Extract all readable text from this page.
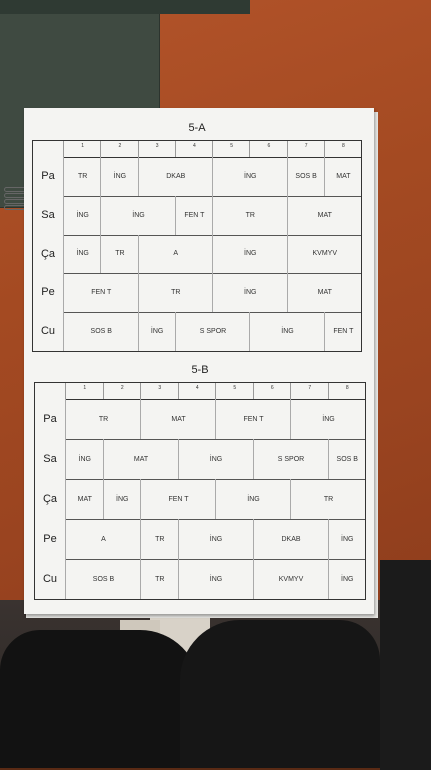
5-A
1	2	3	4	5	6	7	8
Pa	TR	İNG	DKAB	İNG	SOS B	MAT
Sa	İNG	İNG	FEN T	TR	MAT
Ça	İNG	TR	A	İNG	KVMYV
Pe	FEN T	TR	İNG	MAT
Cu	SOS B	İNG	S SPOR	İNG	FEN T
5-B
1	2	3	4	5	6	7	8
Pa	TR	MAT	FEN T	İNG
Sa	İNG	MAT	İNG	S SPOR	SOS B
Ça	MAT	İNG	FEN T	İNG	TR
Pe	A	TR	İNG	DKAB	İNG
Cu	SOS B	TR	İNG	KVMYV	İNG
